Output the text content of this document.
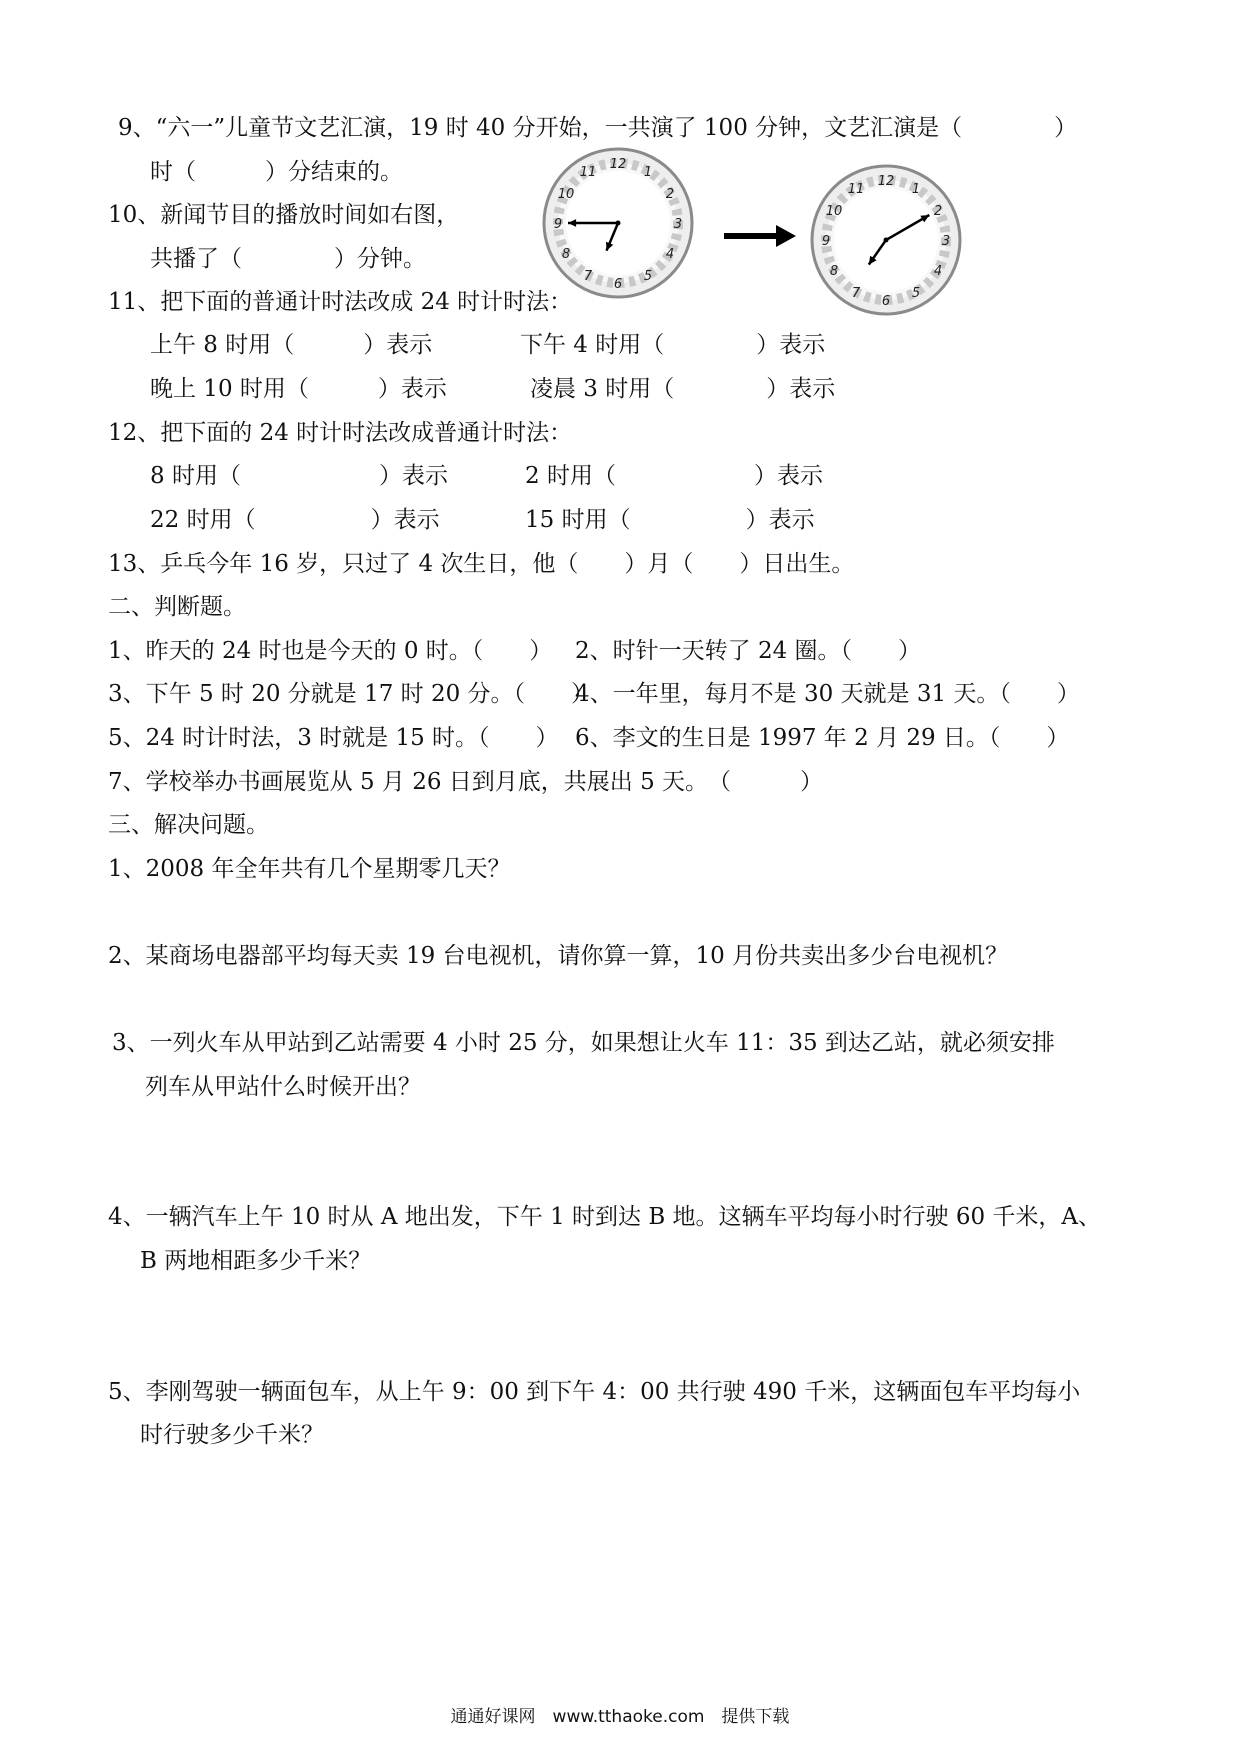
9、“六一”儿童节文艺汇演，19 时 40 分开始，一共演了 100 分钟，文艺汇演是（　　　　）
时（　　　）分结束的。
10、新闻节目的播放时间如右图，
共播了（　　　　）分钟。
12
1
2
3
4
5
6
7
8
9
10
11
12
1
2
3
4
5
6
7
8
9
10
11
11、把下面的普通计时法改成 24 时计时法：
上午 8 时用（　　　）表示	下午 4 时用（　　　　）表示
晚上 10 时用（　　　）表示	凌晨 3 时用（　　　　）表示
12、把下面的 24 时计时法改成普通计时法：
8 时用（　　　　　　）表示	2 时用（　　　　　　）表示
22 时用（　　　　　）表示	15 时用（　　　　　）表示
13、乒乓今年 16 岁，只过了 4 次生日，他（　　）月（　　）日出生。
二、判断题。
1、昨天的 24 时也是今天的 0 时。（　　） 2、时针一天转了 24 圈。（　　）
3、下午 5 时 20 分就是 17 时 20 分。（　　）
4、一年里，每月不是 30 天就是 31 天。（　　）
5、24 时计时法，3 时就是 15 时。（　　） 6、李文的生日是 1997 年 2 月 29 日。（　　）
7、学校举办书画展览从 5 月 26 日到月底，共展出 5 天。　（　　　）
三、解决问题。
1、2008 年全年共有几个星期零几天？
2、某商场电器部平均每天卖 19 台电视机，请你算一算，10 月份共卖出多少台电视机？
3、一列火车从甲站到乙站需要 4 小时 25 分，如果想让火车 11：35 到达乙站，就必须安排
列车从甲站什么时候开出？
4、一辆汽车上午 10 时从 A 地出发，下午 1 时到达 B 地。这辆车平均每小时行驶 60 千米，A、
B 两地相距多少千米？
5、李刚驾驶一辆面包车，从上午 9：00 到下午 4：00 共行驶 490 千米，这辆面包车平均每小
时行驶多少千米？
通通好课网　www.tthaoke.com　提供下载
